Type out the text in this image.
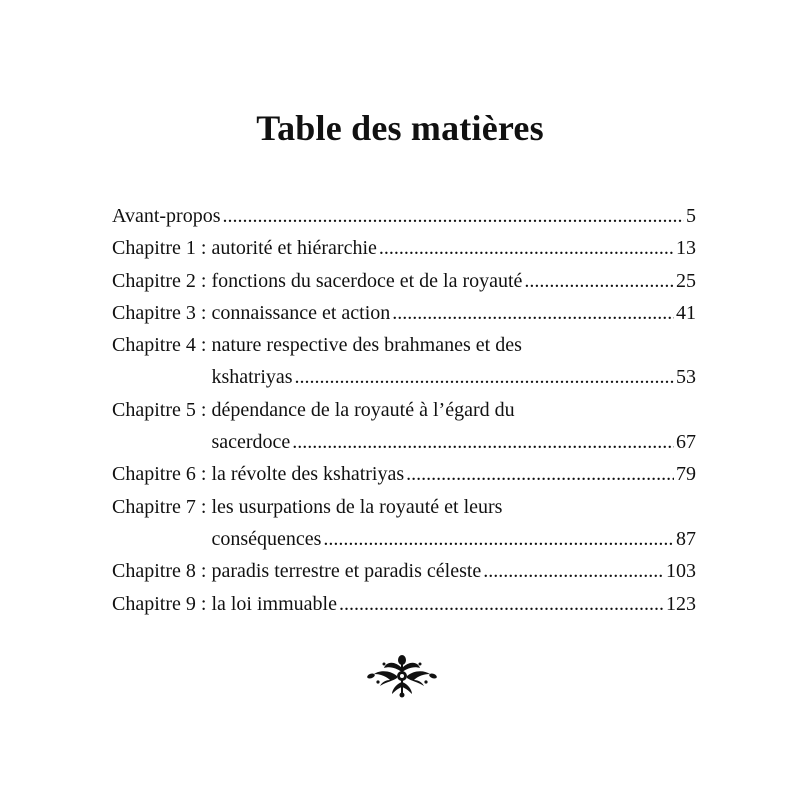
Table des matières
Avant-propos .....	5
Chapitre 1 : autorité et hiérarchie .....	13
Chapitre 2 : fonctions du sacerdoce et de la royauté .....	25
Chapitre 3 : connaissance et action .....	41
Chapitre 4 : nature respective des brahmanes et des
kshatriyas .....	53
Chapitre 5 : dépendance de la royauté à l’égard du
sacerdoce .....	67
Chapitre 6 : la révolte des kshatriyas .....	79
Chapitre 7 : les usurpations de la royauté et leurs
conséquences .....	87
Chapitre 8 : paradis terrestre et paradis céleste .....	103
Chapitre 9 : la loi immuable .....	123
